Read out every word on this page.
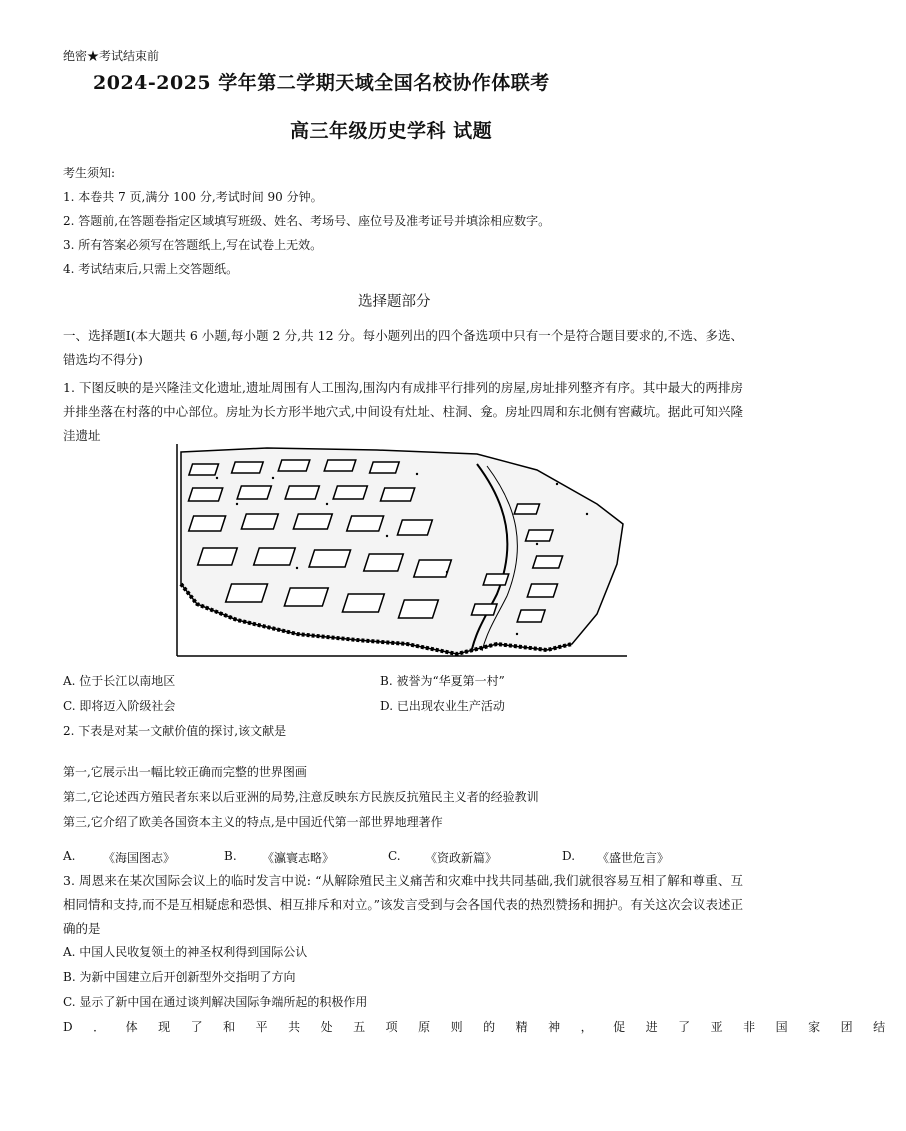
绝密★考试结束前
2024-2025 学年第二学期天域全国名校协作体联考
高三年级历史学科 试题
考生须知:
1. 本卷共 7 页,满分 100 分,考试时间 90 分钟。
2. 答题前,在答题卷指定区域填写班级、姓名、考场号、座位号及准考证号并填涂相应数字。
3. 所有答案必须写在答题纸上,写在试卷上无效。
4. 考试结束后,只需上交答题纸。
选择题部分
一、选择题Ⅰ(本大题共 6 小题,每小题 2 分,共 12 分。每小题列出的四个备选项中只有一个是符合题目要求的,不选、多选、错选均不得分)
1. 下图反映的是兴隆洼文化遗址,遗址周围有人工围沟,围沟内有成排平行排列的房屋,房址排列整齐有序。其中最大的两排房并排坐落在村落的中心部位。房址为长方形半地穴式,中间设有灶址、柱洞、龛。房址四周和东北侧有窖藏坑。据此可知兴隆洼遗址
A. 位于长江以南地区	B. 被誉为“华夏第一村”
C. 即将迈入阶级社会	D. 已出现农业生产活动
2. 下表是对某一文献价值的探讨,该文献是
第一,它展示出一幅比较正确而完整的世界图画
第二,它论述西方殖民者东来以后亚洲的局势,注意反映东方民族反抗殖民主义者的经验教训
第三,它介绍了欧美各国资本主义的特点,是中国近代第一部世界地理著作
A. 《海国图志》	B. 《瀛寰志略》	C. 《资政新篇》	D. 《盛世危言》
3. 周恩来在某次国际会议上的临时发言中说: “从解除殖民主义痛苦和灾难中找共同基础,我们就很容易互相了解和尊重、互相同情和支持,而不是互相疑虑和恐惧、相互排斥和对立。”该发言受到与会各国代表的热烈赞扬和拥护。有关这次会议表述正确的是
A. 中国人民收复领土的神圣权利得到国际公认
B. 为新中国建立后开创新型外交指明了方向
C. 显示了新中国在通过谈判解决国际争端所起的积极作用
D．体现了和平共处五项原则的精神，促进了亚非国家团结
